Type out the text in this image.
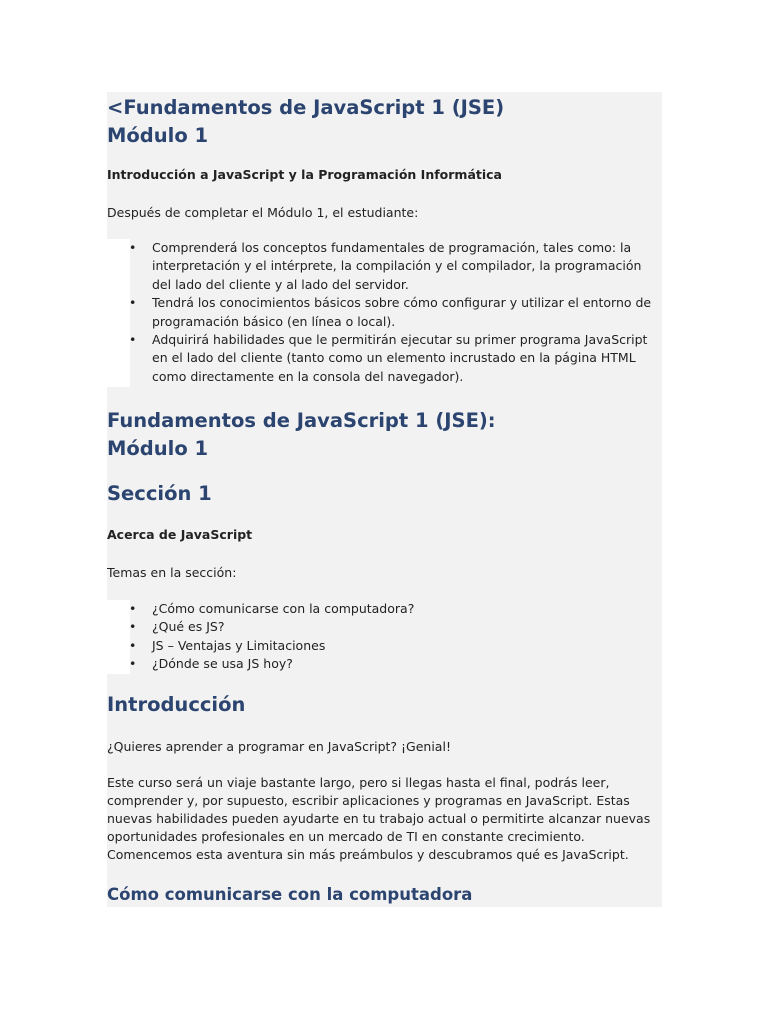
<Fundamentos de JavaScript 1 (JSE)
Módulo 1
Introducción a JavaScript y la Programación Informática

Después de completar el Módulo 1, el estudiante:

• Comprenderá los conceptos fundamentales de programación, tales como: la interpretación y el intérprete, la compilación y el compilador, la programación del lado del cliente y al lado del servidor.
• Tendrá los conocimientos básicos sobre cómo configurar y utilizar el entorno de programación básico (en línea o local).
• Adquirirá habilidades que le permitirán ejecutar su primer programa JavaScript en el lado del cliente (tanto como un elemento incrustado en la página HTML como directamente en la consola del navegador).
Fundamentos de JavaScript 1 (JSE):
Módulo 1
Sección 1
Acerca de JavaScript

Temas en la sección:

• ¿Cómo comunicarse con la computadora?
• ¿Qué es JS?
• JS – Ventajas y Limitaciones
• ¿Dónde se usa JS hoy?
Introducción

¿Quieres aprender a programar en JavaScript? ¡Genial!

Este curso será un viaje bastante largo, pero si llegas hasta el final, podrás leer, comprender y, por supuesto, escribir aplicaciones y programas en JavaScript. Estas nuevas habilidades pueden ayudarte en tu trabajo actual o permitirte alcanzar nuevas oportunidades profesionales en un mercado de TI en constante crecimiento. Comencemos esta aventura sin más preámbulos y descubramos qué es JavaScript.

Cómo comunicarse con la computadora
